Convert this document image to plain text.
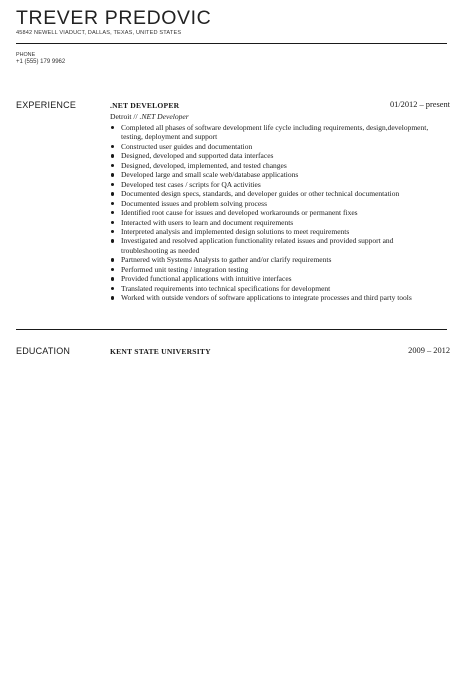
TREVER PREDOVIC
45842 NEWELL VIADUCT, DALLAS, TEXAS, UNITED STATES
PHONE
+1 (555) 179 9962
EXPERIENCE	.NET DEVELOPER	01/2012 – present
Detroit // .NET Developer
Completed all phases of software development life cycle including requirements, design,development, testing, deployment and support
Constructed user guides and documentation
Designed, developed and supported data interfaces
Designed, developed, implemented, and tested changes
Developed large and small scale web/database applications
Developed test cases / scripts for QA activities
Documented design specs, standards, and developer guides or other technical documentation
Documented issues and problem solving process
Identified root cause for issues and developed workarounds or permanent fixes
Interacted with users to learn and document requirements
Interpreted analysis and implemented design solutions to meet requirements
Investigated and resolved application functionality related issues and provided support and troubleshooting as needed
Partnered with Systems Analysts to gather and/or clarify requirements
Performed unit testing / integration testing
Provided functional applications with intuitive interfaces
Translated requirements into technical specifications for development
Worked with outside vendors of software applications to integrate processes and third party tools
EDUCATION	KENT STATE UNIVERSITY	2009 – 2012
